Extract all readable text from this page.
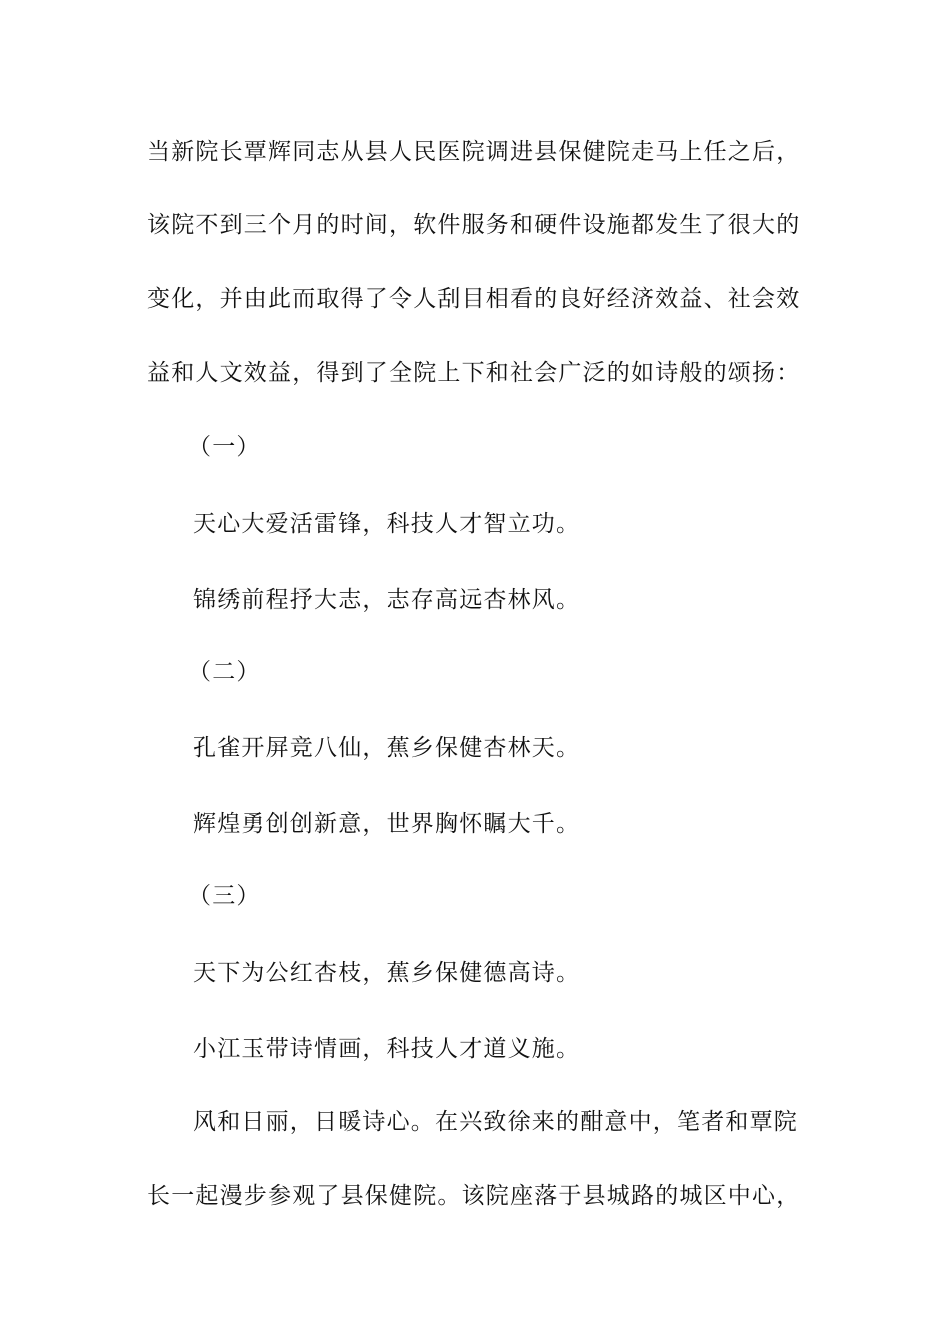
当新院长覃辉同志从县人民医院调进县保健院走马上任之后，
该院不到三个月的时间，软件服务和硬件设施都发生了很大的
变化，并由此而取得了令人刮目相看的良好经济效益、社会效
益和人文效益，得到了全院上下和社会广泛的如诗般的颂扬：
（一）
天心大爱活雷锋，科技人才智立功。
锦绣前程抒大志，志存高远杏林风。
（二）
孔雀开屏竞八仙，蕉乡保健杏林天。
辉煌勇创创新意，世界胸怀瞩大千。
（三）
天下为公红杏枝，蕉乡保健德高诗。
小江玉带诗情画，科技人才道义施。
风和日丽，日暖诗心。在兴致徐来的酣意中，笔者和覃院
长一起漫步参观了县保健院。该院座落于县城路的城区中心，
